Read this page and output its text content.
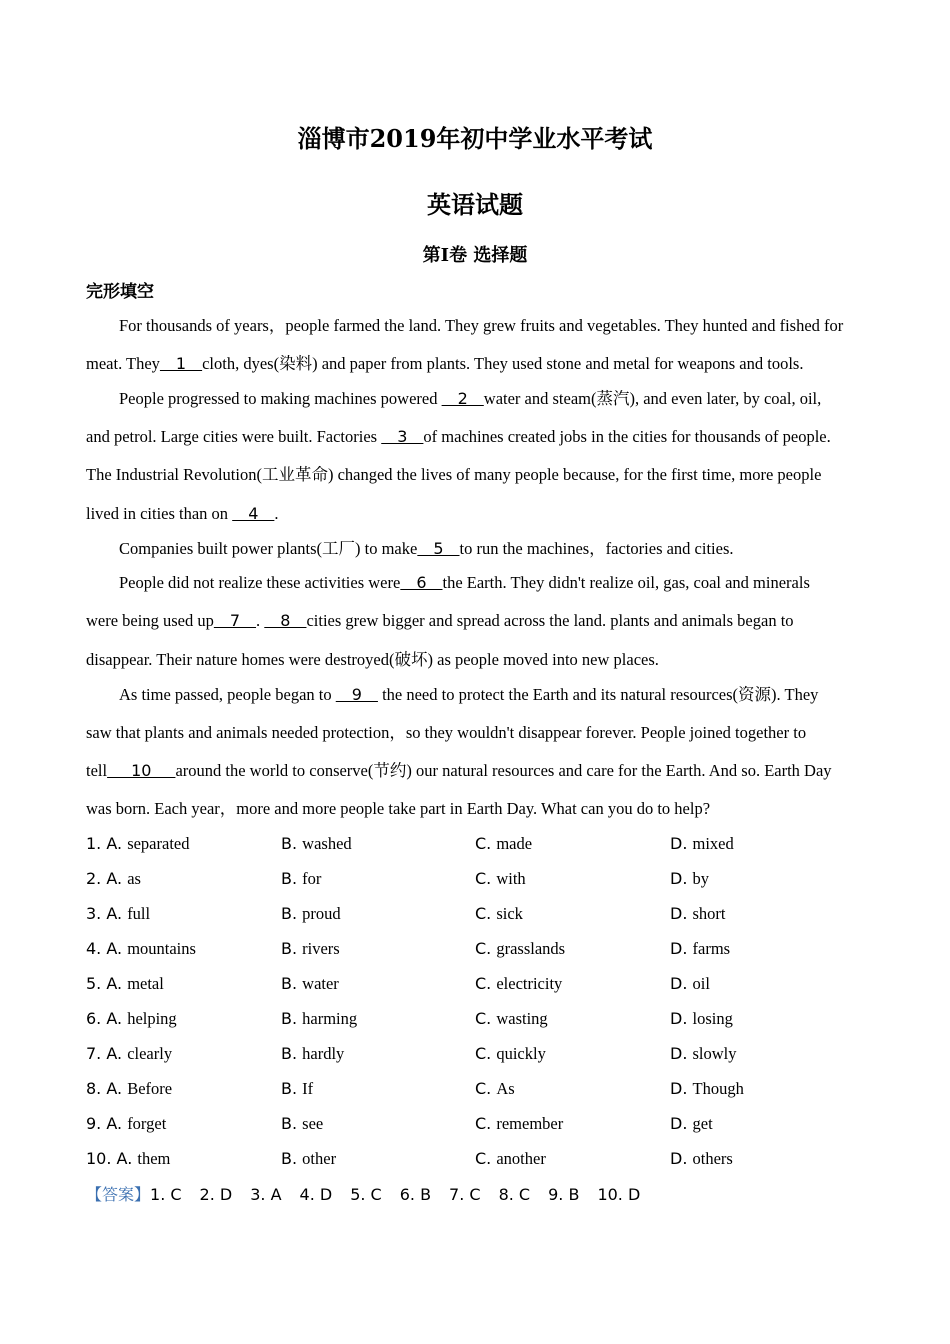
淄博市2019年初中学业水平考试
英语试题
第Ⅰ卷 选择题
完形填空
For thousands of years，people farmed the land. They grew fruits and vegetables. They hunted and fished for
meat. They  1  cloth, dyes(染料) and paper from plants. They used stone and metal for weapons and tools.
People progressed to making machines powered   2  water and steam(蒸汽), and even later, by coal, oil,
and petrol. Large cities were built. Factories   3  of machines created jobs in the cities for thousands of people.
The Industrial Revolution(工业革命) changed the lives of many people because, for the first time, more people
lived in cities than on   4  .
Companies built power plants(工厂) to make  5  to run the machines，factories and cities.
People did not realize these activities were  6  the Earth. They didn't realize oil, gas, coal and minerals
were being used up  7  .   8  cities grew bigger and spread across the land. plants and animals began to
disappear. Their nature homes were destroyed(破坏) as people moved into new places.
As time passed, people began to   9   the need to protect the Earth and its natural resources(资源). They
saw that plants and animals needed protection，so they wouldn't disappear forever. People joined together to
tell   10   around the world to conserve(节约) our natural resources and care for the Earth. And so. Earth Day
was born. Each year，more and more people take part in Earth Day. What can you do to help?
1. A. separated	B. washed	C. made	D. mixed
2. A. as	B. for	C. with	D. by
3. A. full	B. proud	C. sick	D. short
4. A. mountains	B. rivers	C. grasslands	D. farms
5. A. metal	B. water	C. electricity	D. oil
6. A. helping	B. harming	C. wasting	D. losing
7. A. clearly	B. hardly	C. quickly	D. slowly
8. A. Before	B. If	C. As	D. Though
9. A. forget	B. see	C. remember	D. get
10. A. them	B. other	C. another	D. others
【答案】1. C 2. D 3. A 4. D 5. C 6. B 7. C 8. C 9. B 10. D
